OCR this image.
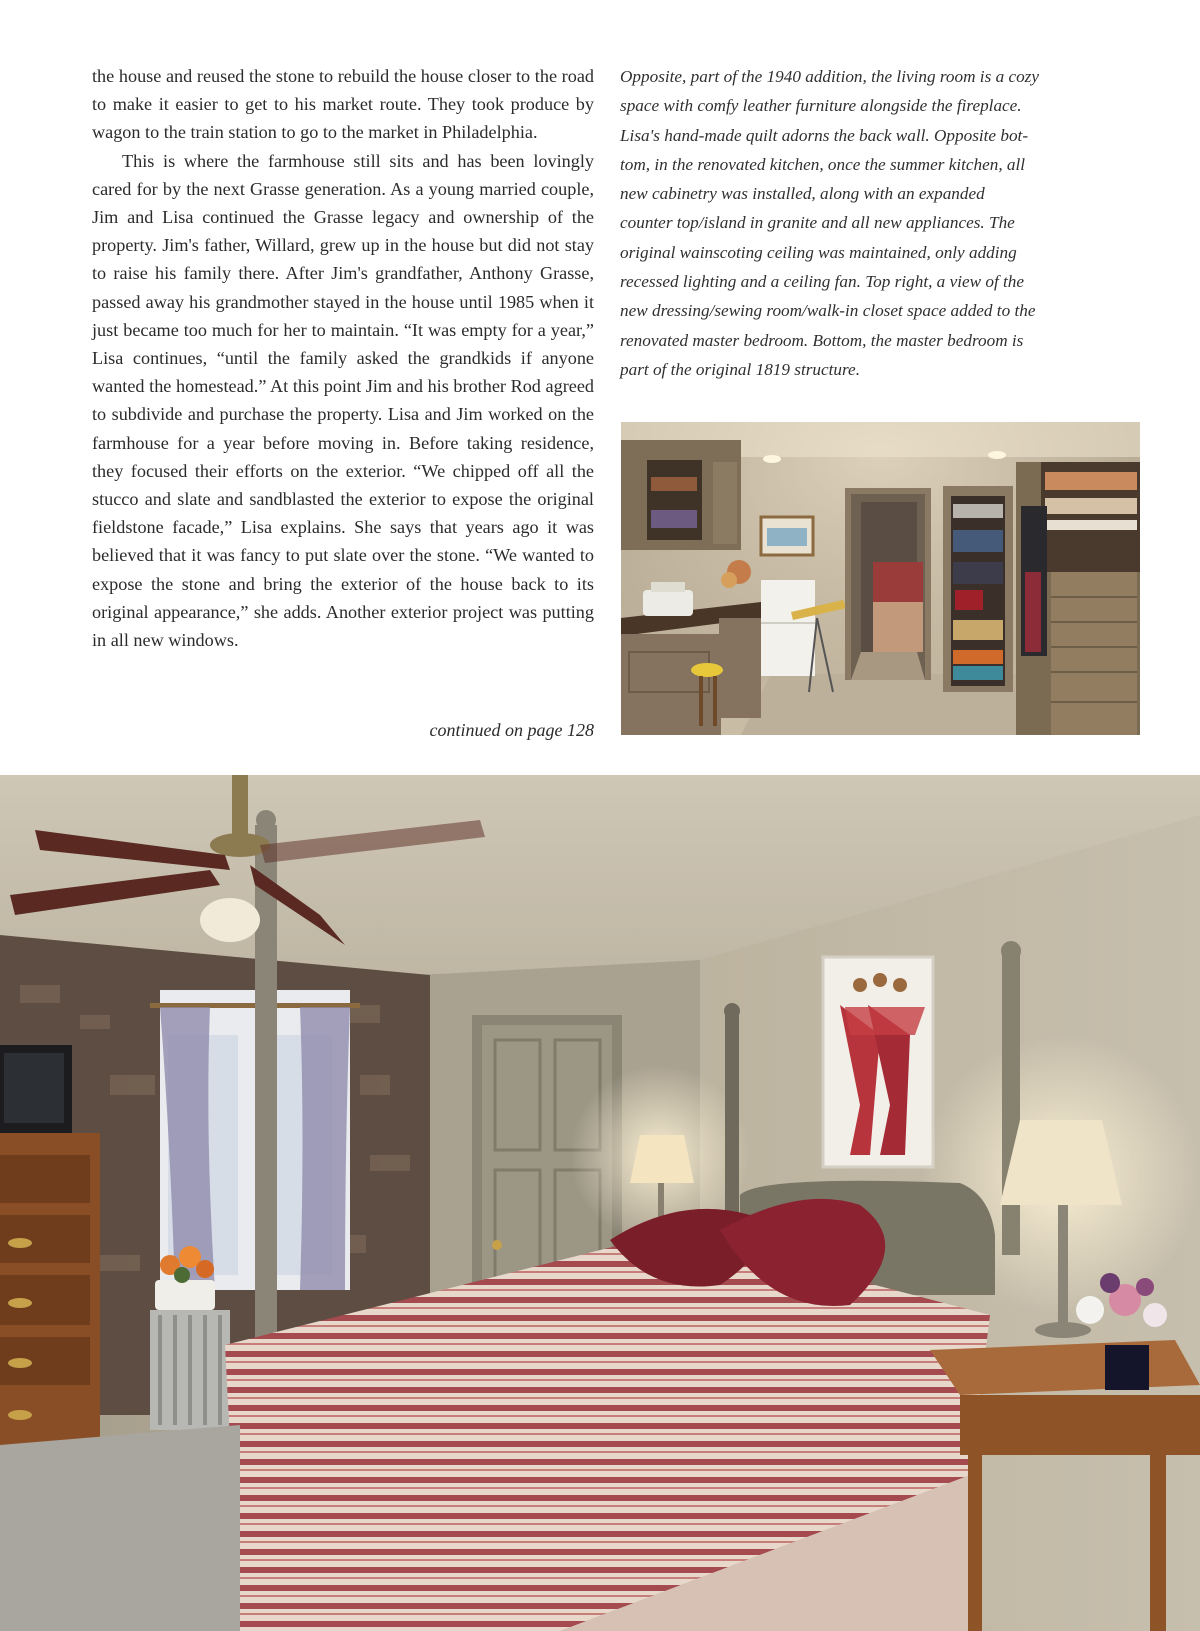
the house and reused the stone to rebuild the house closer to the road to make it easier to get to his market route. They took produce by wagon to the train station to go to the market in Philadelphia.

This is where the farmhouse still sits and has been lovingly cared for by the next Grasse generation. As a young married couple, Jim and Lisa continued the Grasse legacy and ownership of the property. Jim's father, Willard, grew up in the house but did not stay to raise his family there. After Jim's grandfather, Anthony Grasse, passed away his grandmother stayed in the house until 1985 when it just became too much for her to maintain. “It was empty for a year,” Lisa continues, “until the family asked the grandkids if anyone wanted the homestead.” At this point Jim and his brother Rod agreed to subdivide and purchase the property. Lisa and Jim worked on the farmhouse for a year before moving in. Before taking residence, they focused their efforts on the exterior. “We chipped off all the stucco and slate and sandblasted the exterior to expose the original fieldstone facade,” Lisa explains. She says that years ago it was believed that it was fancy to put slate over the stone. “We wanted to expose the stone and bring the exterior of the house back to its original appearance,” she adds. Another exterior project was putting in all new windows.

continued on page 128
Opposite, part of the 1940 addition, the living room is a cozy space with comfy leather furniture alongside the fireplace. Lisa's hand-made quilt adorns the back wall. Opposite bottom, in the renovated kitchen, once the summer kitchen, all new cabinetry was installed, along with an expanded counter top/island in granite and all new appliances. The original wainscoting ceiling was maintained, only adding recessed lighting and a ceiling fan. Top right, a view of the new dressing/sewing room/walk-in closet space added to the renovated master bedroom. Bottom, the master bedroom is part of the original 1819 structure.
